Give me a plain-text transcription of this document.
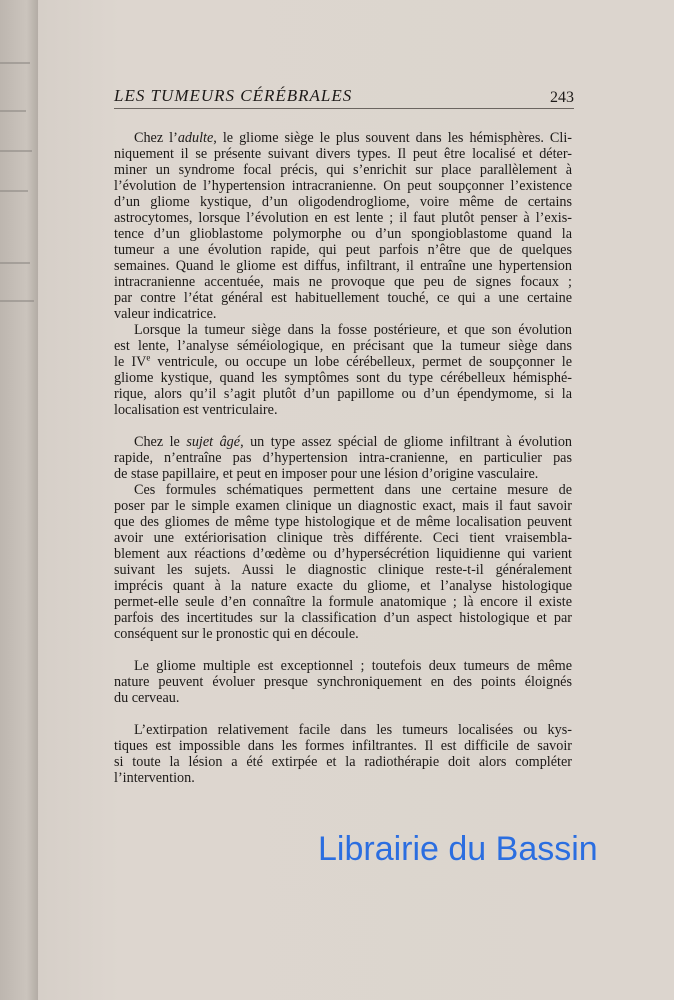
LES TUMEURS CÉRÉBRALES	243
Chez l’adulte, le gliome siège le plus souvent dans les hémisphères. Cli-
niquement il se présente suivant divers types. Il peut être localisé et déter-
miner un syndrome focal précis, qui s’enrichit sur place parallèlement à
l’évolution de l’hypertension intracranienne. On peut soupçonner l’existence
d’un gliome kystique, d’un oligodendrogliome, voire même de certains
astrocytomes, lorsque l’évolution en est lente ; il faut plutôt penser à l’exis-
tence d’un glioblastome polymorphe ou d’un spongioblastome quand la
tumeur a une évolution rapide, qui peut parfois n’être que de quelques
semaines. Quand le gliome est diffus, infiltrant, il entraîne une hypertension
intracranienne accentuée, mais ne provoque que peu de signes focaux ;
par contre l’état général est habituellement touché, ce qui a une certaine
valeur indicatrice.
Lorsque la tumeur siège dans la fosse postérieure, et que son évolution
est lente, l’analyse séméiologique, en précisant que la tumeur siège dans
le IVe ventricule, ou occupe un lobe cérébelleux, permet de soupçonner le
gliome kystique, quand les symptômes sont du type cérébelleux hémisphé-
rique, alors qu’il s’agit plutôt d’un papillome ou d’un épendymome, si la
localisation est ventriculaire.
Chez le sujet âgé, un type assez spécial de gliome infiltrant à évolution
rapide, n’entraîne pas d’hypertension intra-cranienne, en particulier pas
de stase papillaire, et peut en imposer pour une lésion d’origine vasculaire.
Ces formules schématiques permettent dans une certaine mesure de
poser par le simple examen clinique un diagnostic exact, mais il faut savoir
que des gliomes de même type histologique et de même localisation peuvent
avoir une extériorisation clinique très différente. Ceci tient vraisembla-
blement aux réactions d’œdème ou d’hypersécrétion liquidienne qui varient
suivant les sujets. Aussi le diagnostic clinique reste-t-il généralement
imprécis quant à la nature exacte du gliome, et l’analyse histologique
permet-elle seule d’en connaître la formule anatomique ; là encore il existe
parfois des incertitudes sur la classification d’un aspect histologique et par
conséquent sur le pronostic qui en découle.
Le gliome multiple est exceptionnel ; toutefois deux tumeurs de même
nature peuvent évoluer presque synchroniquement en des points éloignés
du cerveau.
L’extirpation relativement facile dans les tumeurs localisées ou kys-
tiques est impossible dans les formes infiltrantes. Il est difficile de savoir
si toute la lésion a été extirpée et la radiothérapie doit alors compléter
l’intervention.
Librairie du Bassin
